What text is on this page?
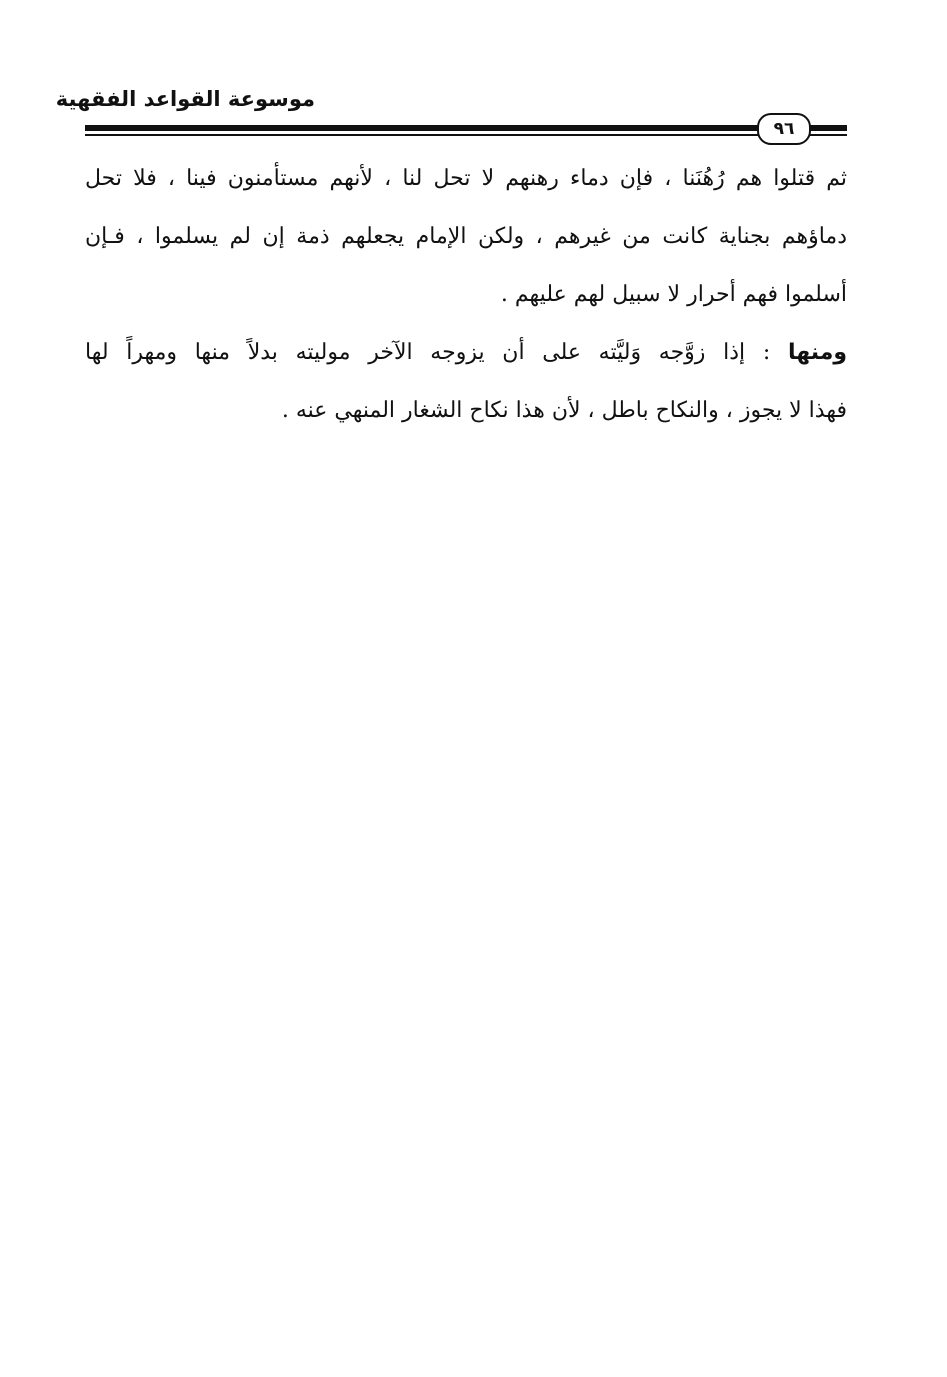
موسوعة القواعد الفقهية
٩٦

ثم قتلوا هم رُهُنَنا ، فإن دماء رهنهم لا تحل لنا ، لأنهم مستأمنون فينا ، فلا تحل
دماؤهم بجناية كانت من غيرهم ، ولكن الإمام يجعلهم ذمة إن لم يسلموا ، فـإن
أسلموا فهم أحرار لا سبيل لهم عليهم .

ومنها : إذا زوَّجه وَليَّته على أن يزوجه الآخر موليته بدلاً منها ومهراً لها
فهذا لا يجوز ، والنكاح باطل ، لأن هذا نكاح الشغار المنهي عنه .
